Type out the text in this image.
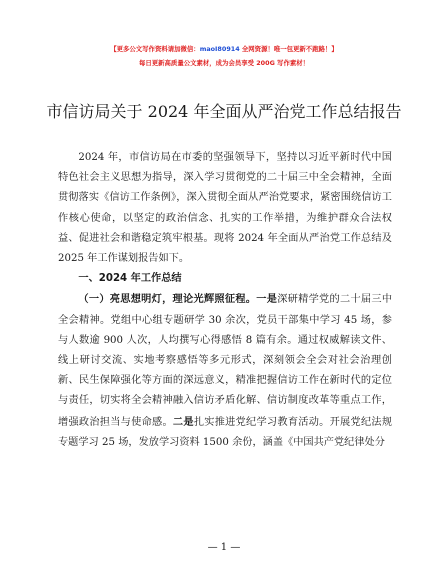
【更多公文写作资料请加微信：maoI80914 全网资源！唯一包更新不跑路！】
每日更新高质量公文素材，成为会员享受 200G 写作素材！
市信访局关于 2024 年全面从严治党工作总结报告

2024 年，市信访局在市委的坚强领导下，坚持以习近平新时代中国特色社会主义思想为指导，深入学习贯彻党的二十届三中全会精神，全面贯彻落实《信访工作条例》，深入贯彻全面从严治党要求，紧密围绕信访工作核心使命，以坚定的政治信念、扎实的工作举措，为维护群众合法权益、促进社会和谐稳定筑牢根基。现将 2024 年全面从严治党工作总结及 2025 年工作谋划报告如下。

一、2024 年工作总结

（一）亮思想明灯，理论光辉照征程。一是深研精学党的二十届三中全会精神。党组中心组专题研学 30 余次，党员干部集中学习 45 场，参与人数逾 900 人次，人均撰写心得感悟 8 篇有余。通过权威解读文件、线上研讨交流、实地考察感悟等多元形式，深刻领会全会对社会治理创新、民生保障强化等方面的深远意义，精准把握信访工作在新时代的定位与责任，切实将全会精神融入信访矛盾化解、信访制度改革等重点工作，增强政治担当与使命感。二是扎实推进党纪学习教育活动。开展党纪法规专题学习 25 场，发放学习资料 1500 余份，涵盖《中国共产党纪律处分

— 1 —
